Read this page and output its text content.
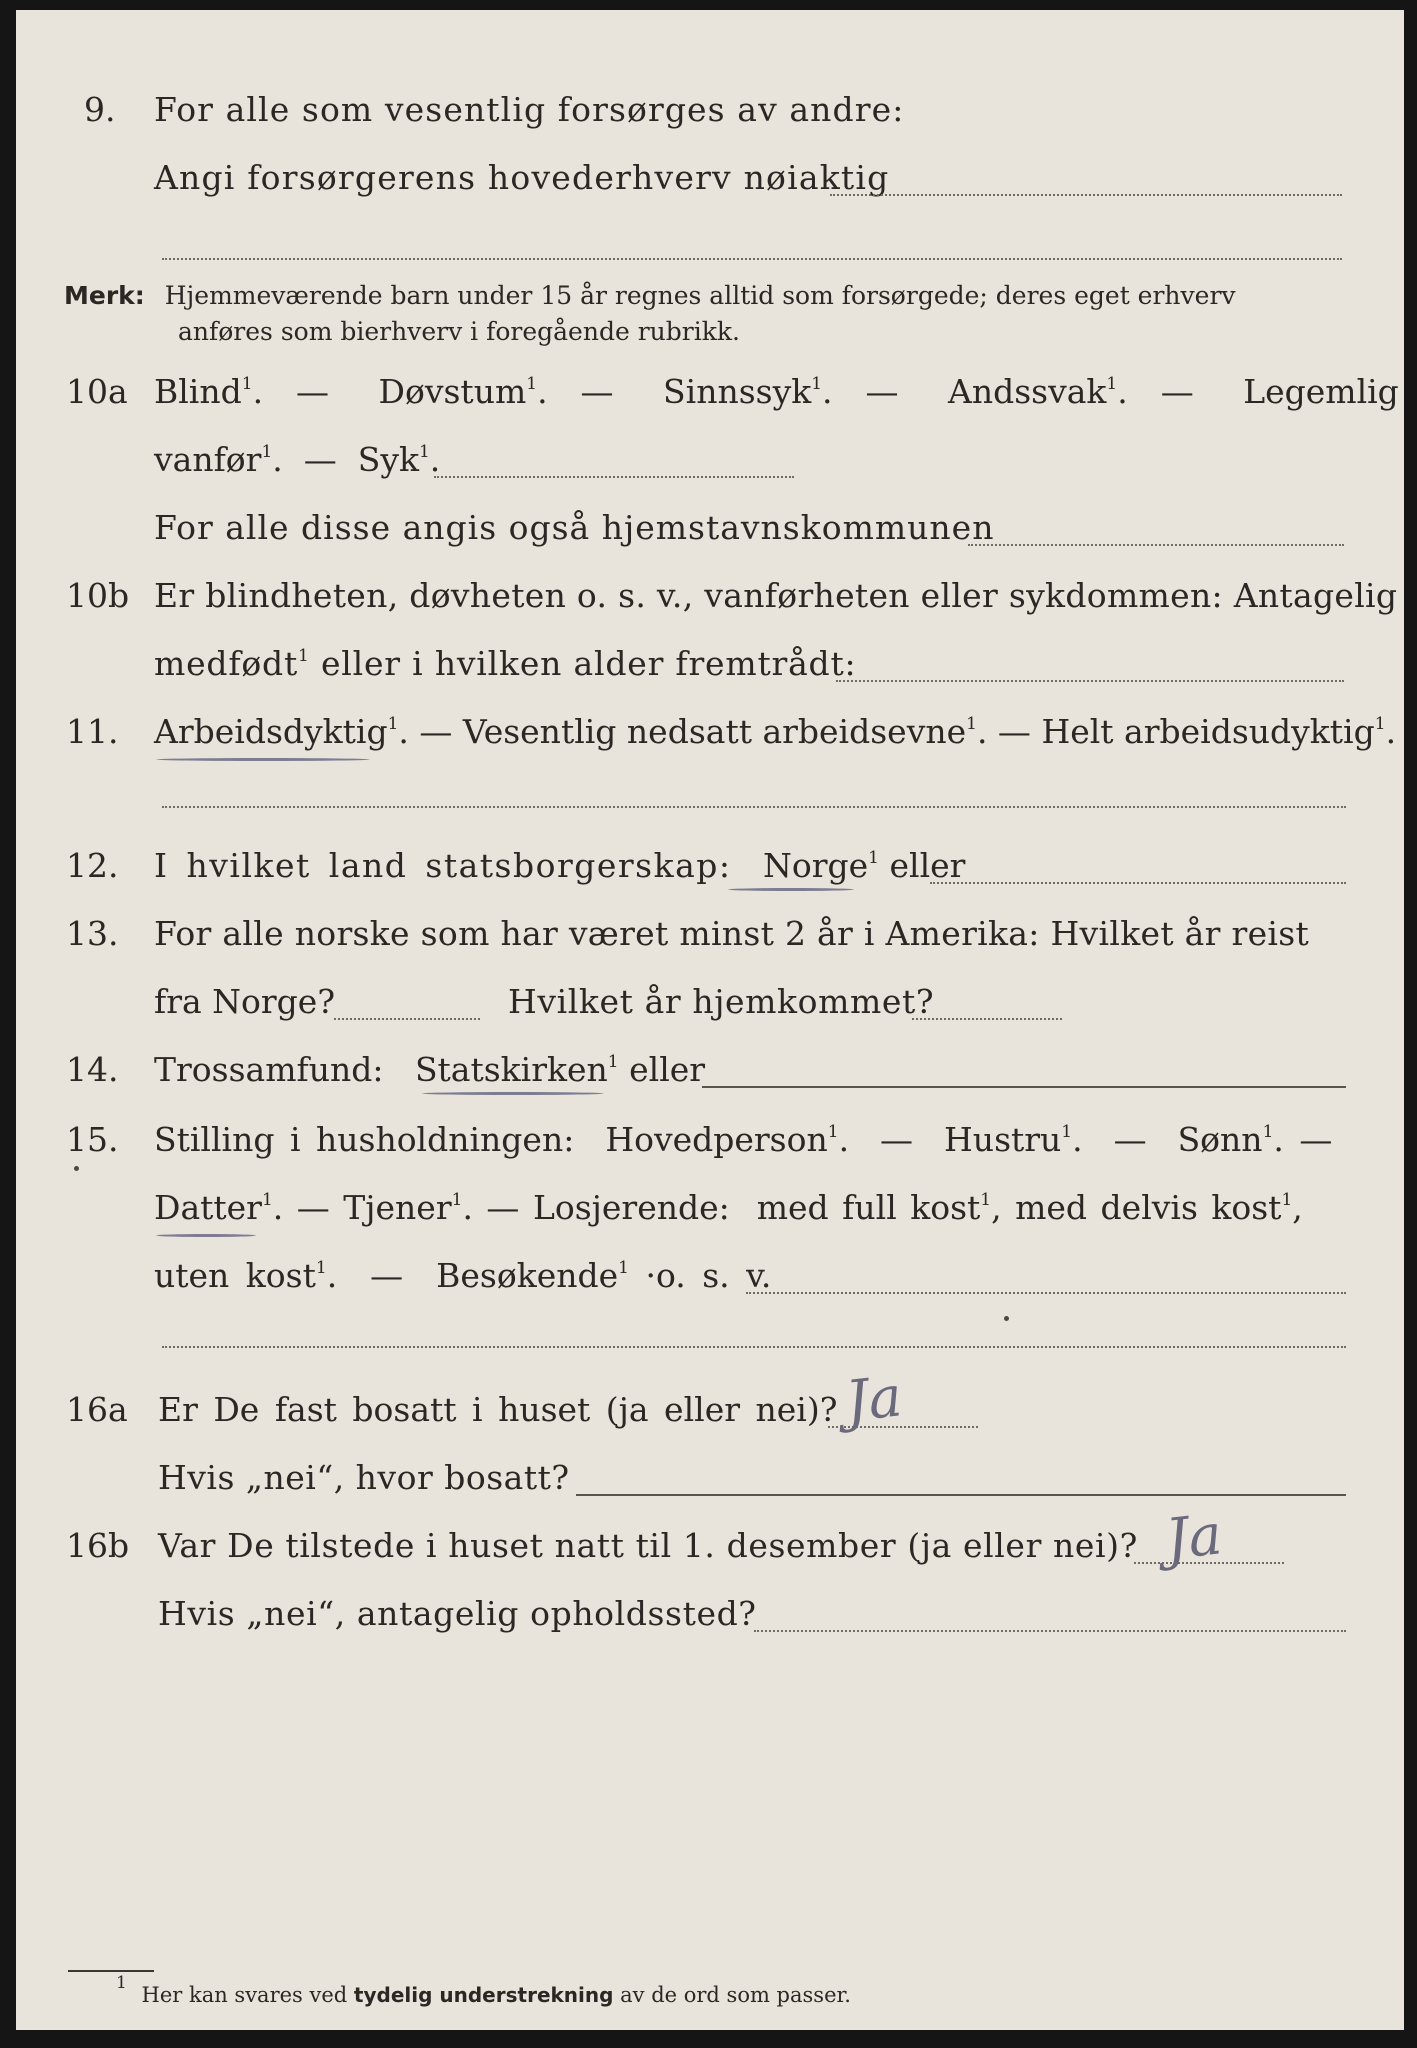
9. For alle som vesentlig forsørges av andre:
Angi forsørgerens hovederhverv nøiaktig
Merk: Hjemmeværende barn under 15 år regnes alltid som forsørgede; deres eget erhverv
anføres som bierhverv i foregående rubrikk.
10a Blind$^1$.  —   Døvstum$^1$.  —   Sinnssyk$^1$.  —   Andssvak$^1$.  —   Legemlig
vanfør$^1$.  —  Syk$^1$.
For alle disse angis også hjemstavnskommunen
10b Er blindheten, døvheten o. s. v., vanførheten eller sykdommen: Antagelig
medfødt$^1$ eller i hvilken alder fremtrådt:
11. Arbeidsdyktig$^1$. — Vesentlig nedsatt arbeidsevne$^1$. — Helt arbeidsudyktig$^1$.
12. I hvilket land statsborgerskap: Norge$^1$ eller
13. For alle norske som har været minst 2 år i Amerika: Hvilket år reist
fra Norge?	Hvilket år hjemkommet?
14. Trossamfund: Statskirken$^1$ eller
15. Stilling i husholdningen: Hovedperson$^1$.  —  Hustru$^1$.  —  Sønn$^1$. —
Datter$^1$. — Tjener$^1$. — Losjerende: med full kost$^1$, med delvis kost$^1$,
uten kost$^1$.  —  Besøkende$^1$ ·o. s. v.
16a Er De fast bosatt i huset (ja eller nei)? Ja
Hvis „nei“, hvor bosatt?
16b Var De tilstede i huset natt til 1. desember (ja eller nei)? Ja
Hvis „nei“, antagelig opholdssted?
$^1$ Her kan svares ved tydelig understrekning av de ord som passer.
